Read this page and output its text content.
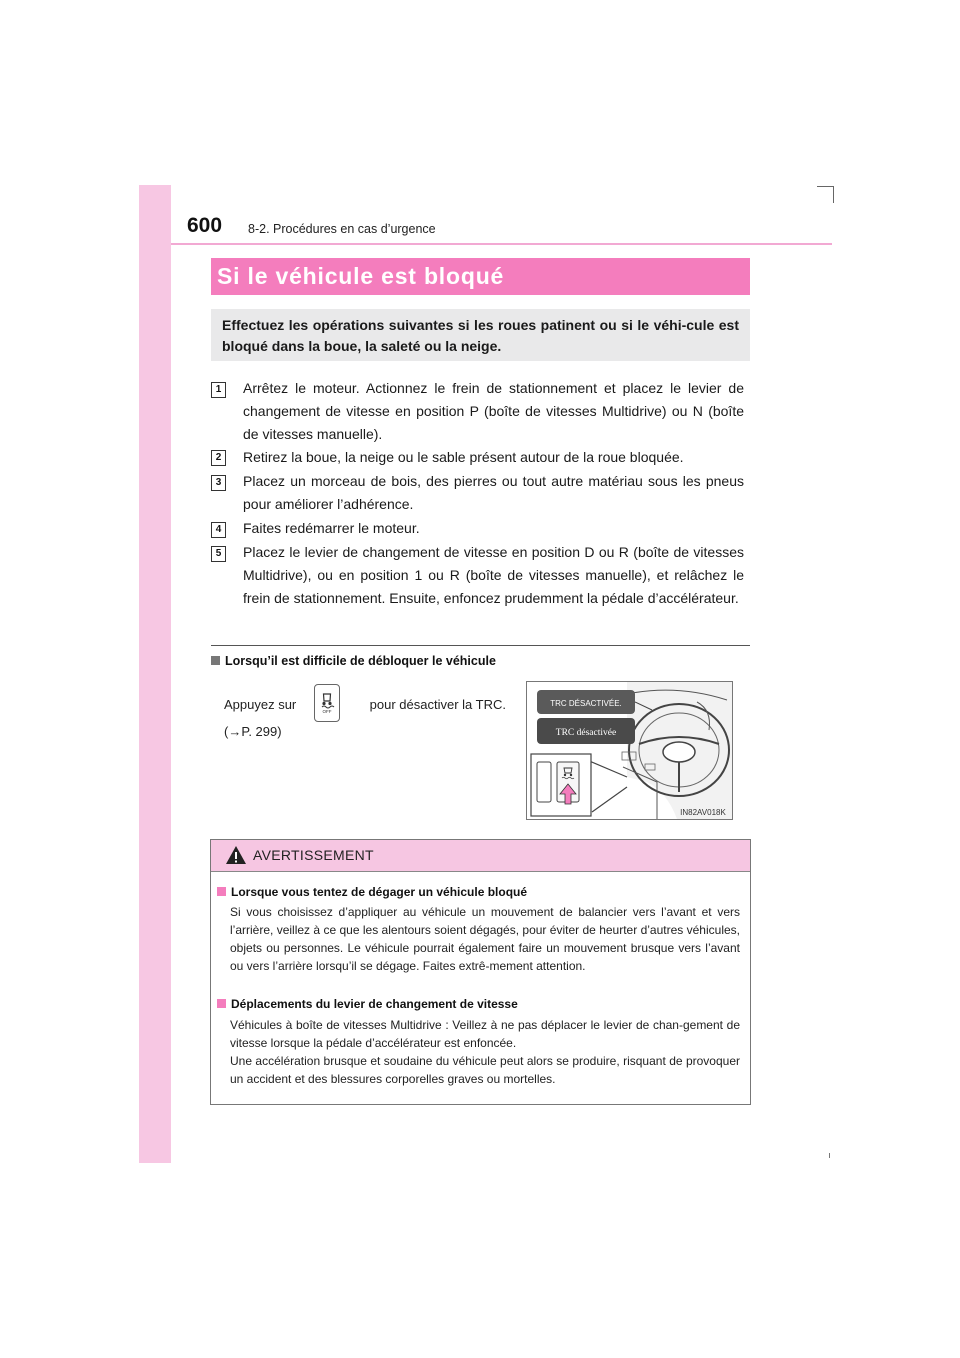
600 8-2. Procédures en cas d’urgence
Si le véhicule est bloqué
Effectuez les opérations suivantes si les roues patinent ou si le véhi-cule est bloqué dans la boue, la saleté ou la neige.
1	Arrêtez le moteur. Actionnez le frein de stationnement et placez le levier de changement de vitesse en position P (boîte de vitesses Multidrive) ou N (boîte de vitesses manuelle).
2	Retirez la boue, la neige ou le sable présent autour de la roue bloquée.
3	Placez un morceau de bois, des pierres ou tout autre matériau sous les pneus pour améliorer l’adhérence.
4	Faites redémarrer le moteur.
5	Placez le levier de changement de vitesse en position D ou R (boîte de vitesses Multidrive), ou en position 1 ou R (boîte de vitesses manuelle), et relâchez le frein de stationnement. Ensuite, enfoncez prudemment la pédale d’accélérateur.
Lorsqu’il est difficile de débloquer le véhicule
Appuyez sur	pour désactiver la TRC.
(→P. 299)
OFF
TRC DÉSACTIVÉE.
TRC désactivée
IN82AV018K
AVERTISSEMENT
Lorsque vous tentez de dégager un véhicule bloqué
Si vous choisissez d’appliquer au véhicule un mouvement de balancier vers l’avant et vers l’arrière, veillez à ce que les alentours soient dégagés, pour éviter de heurter d’autres véhicules, objets ou personnes. Le véhicule pourrait également faire un mouvement brusque vers l’avant ou vers l’arrière lorsqu’il se dégage. Faites extrê-mement attention.
Déplacements du levier de changement de vitesse
Véhicules à boîte de vitesses Multidrive : Veillez à ne pas déplacer le levier de chan-gement de vitesse lorsque la pédale d’accélérateur est enfoncée.
Une accélération brusque et soudaine du véhicule peut alors se produire, risquant de provoquer un accident et des blessures corporelles graves ou mortelles.
